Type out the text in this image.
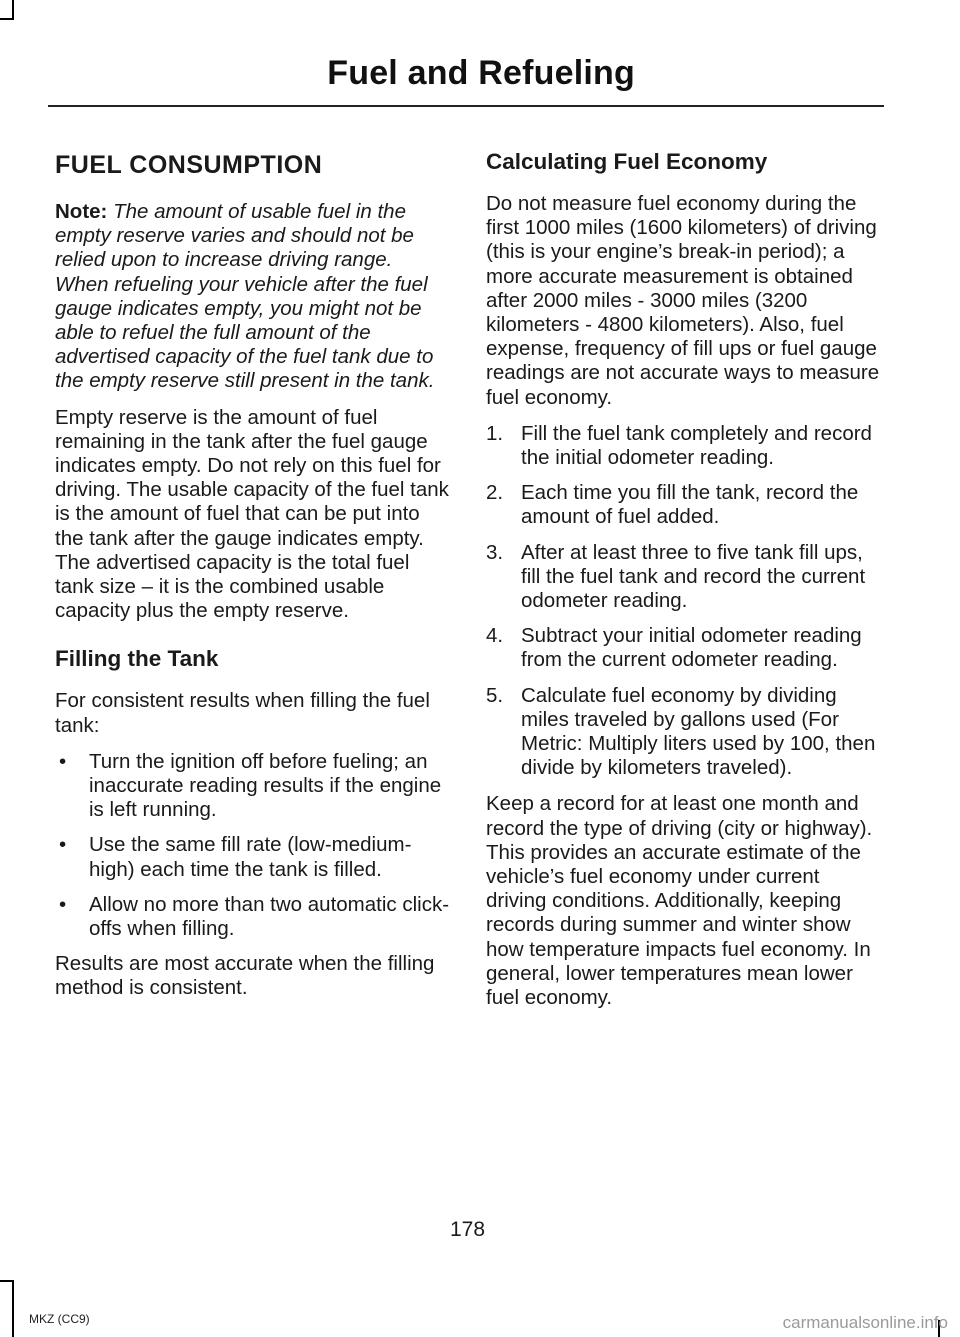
Fuel and Refueling
FUEL CONSUMPTION

Note: The amount of usable fuel in the empty reserve varies and should not be relied upon to increase driving range. When refueling your vehicle after the fuel gauge indicates empty, you might not be able to refuel the full amount of the advertised capacity of the fuel tank due to the empty reserve still present in the tank.

Empty reserve is the amount of fuel remaining in the tank after the fuel gauge indicates empty. Do not rely on this fuel for driving. The usable capacity of the fuel tank is the amount of fuel that can be put into the tank after the gauge indicates empty. The advertised capacity is the total fuel tank size – it is the combined usable capacity plus the empty reserve.

Filling the Tank

For consistent results when filling the fuel tank:

• Turn the ignition off before fueling; an inaccurate reading results if the engine is left running.
• Use the same fill rate (low-medium-high) each time the tank is filled.
• Allow no more than two automatic click-offs when filling.

Results are most accurate when the filling method is consistent.

Calculating Fuel Economy

Do not measure fuel economy during the first 1000 miles (1600 kilometers) of driving (this is your engine’s break-in period); a more accurate measurement is obtained after 2000 miles - 3000 miles (3200 kilometers - 4800 kilometers). Also, fuel expense, frequency of fill ups or fuel gauge readings are not accurate ways to measure fuel economy.

1. Fill the fuel tank completely and record the initial odometer reading.
2. Each time you fill the tank, record the amount of fuel added.
3. After at least three to five tank fill ups, fill the fuel tank and record the current odometer reading.
4. Subtract your initial odometer reading from the current odometer reading.
5. Calculate fuel economy by dividing miles traveled by gallons used (For Metric: Multiply liters used by 100, then divide by kilometers traveled).

Keep a record for at least one month and record the type of driving (city or highway). This provides an accurate estimate of the vehicle’s fuel economy under current driving conditions. Additionally, keeping records during summer and winter show how temperature impacts fuel economy. In general, lower temperatures mean lower fuel economy.

178
MKZ (CC9)	carmanualsonline.info
